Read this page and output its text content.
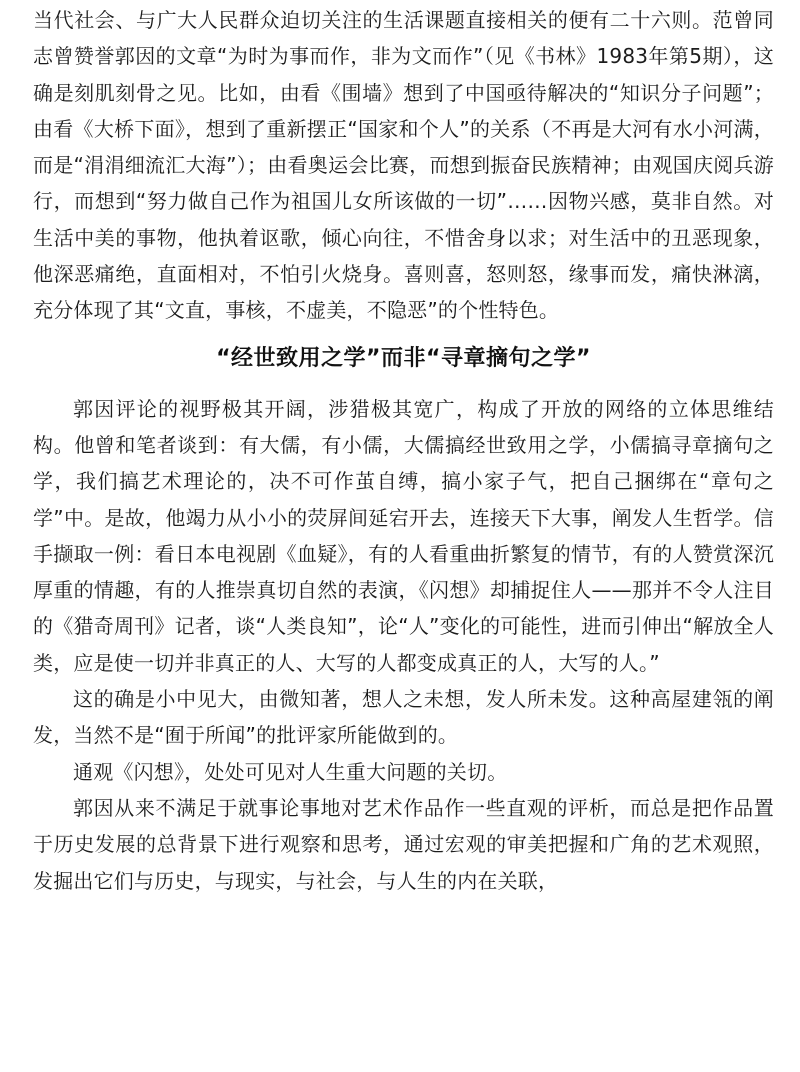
当代社会、与广大人民群众迫切关注的生活课题直接相关的便有二十六则。范曾同志曾赞誉郭因的文章“为时为事而作，非为文而作”（见《书林》1983年第5期），这确是刻肌刻骨之见。比如，由看《围墙》想到了中国亟待解决的“知识分子问题”；由看《大桥下面》，想到了重新摆正“国家和个人”的关系（不再是大河有水小河满，而是“涓涓细流汇大海”）；由看奥运会比赛，而想到振奋民族精神；由观国庆阅兵游行，而想到“努力做自己作为祖国儿女所该做的一切”……因物兴感，莫非自然。对生活中美的事物，他执着讴歌，倾心向往，不惜舍身以求；对生活中的丑恶现象，他深恶痛绝，直面相对，不怕引火烧身。喜则喜，怒则怒，缘事而发，痛快淋漓，充分体现了其“文直，事核，不虚美，不隐恶”的个性特色。

“经世致用之学”而非“寻章摘句之学”

郭因评论的视野极其开阔，涉猎极其宽广，构成了开放的网络的立体思维结构。他曾和笔者谈到：有大儒，有小儒，大儒搞经世致用之学，小儒搞寻章摘句之学，我们搞艺术理论的，决不可作茧自缚，搞小家子气，把自己捆绑在“章句之学”中。是故，他竭力从小小的荧屏间延宕开去，连接天下大事，阐发人生哲学。信手撷取一例：看日本电视剧《血疑》，有的人看重曲折繁复的情节，有的人赞赏深沉厚重的情趣，有的人推崇真切自然的表演，《闪想》却捕捉住人——那并不令人注目的《猎奇周刊》记者，谈“人类良知”，论“人”变化的可能性，进而引伸出“解放全人类，应是使一切并非真正的人、大写的人都变成真正的人，大写的人。”

这的确是小中见大，由微知著，想人之未想，发人所未发。这种高屋建瓴的阐发，当然不是“囿于所闻”的批评家所能做到的。

通观《闪想》，处处可见对人生重大问题的关切。

郭因从来不满足于就事论事地对艺术作品作一些直观的评析，而总是把作品置于历史发展的总背景下进行观察和思考，通过宏观的审美把握和广角的艺术观照，发掘出它们与历史，与现实，与社会，与人生的内在关联，
